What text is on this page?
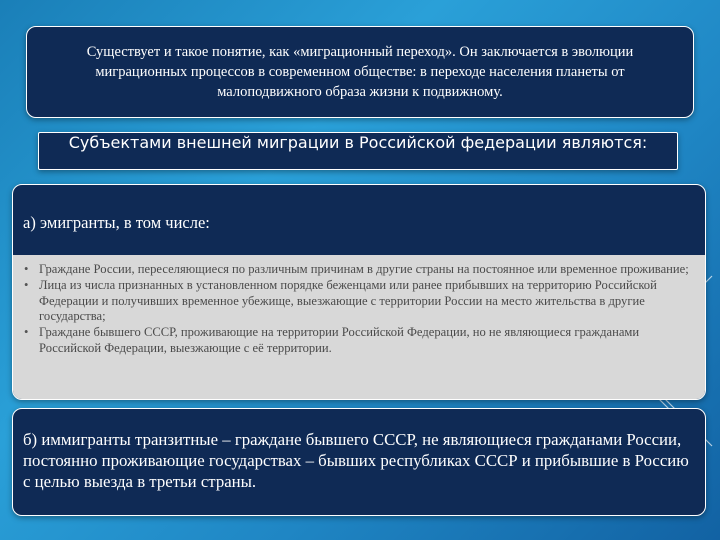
Существует и такое понятие, как «миграционный переход». Он заключается в эволюции миграционных процессов в современном обществе: в переходе населения планеты от малоподвижного образа жизни к подвижному.
Субъектами внешней миграции в Российской федерации являются:
а) эмигранты, в том числе:
• Граждане России, переселяющиеся по различным причинам в другие страны на постоянное или временное проживание;
• Лица из числа признанных в установленном порядке беженцами или ранее прибывших на территорию Российской Федерации и получивших временное убежище, выезжающие с территории России на место жительства в другие государства;
• Граждане бывшего СССР, проживающие на территории Российской Федерации, но не являющиеся гражданами Российской Федерации, выезжающие с её территории.
б) иммигранты транзитные – граждане бывшего СССР, не являющиеся гражданами России, постоянно проживающие государствах – бывших республиках СССР и прибывшие в Россию с целью выезда в третьи страны.
